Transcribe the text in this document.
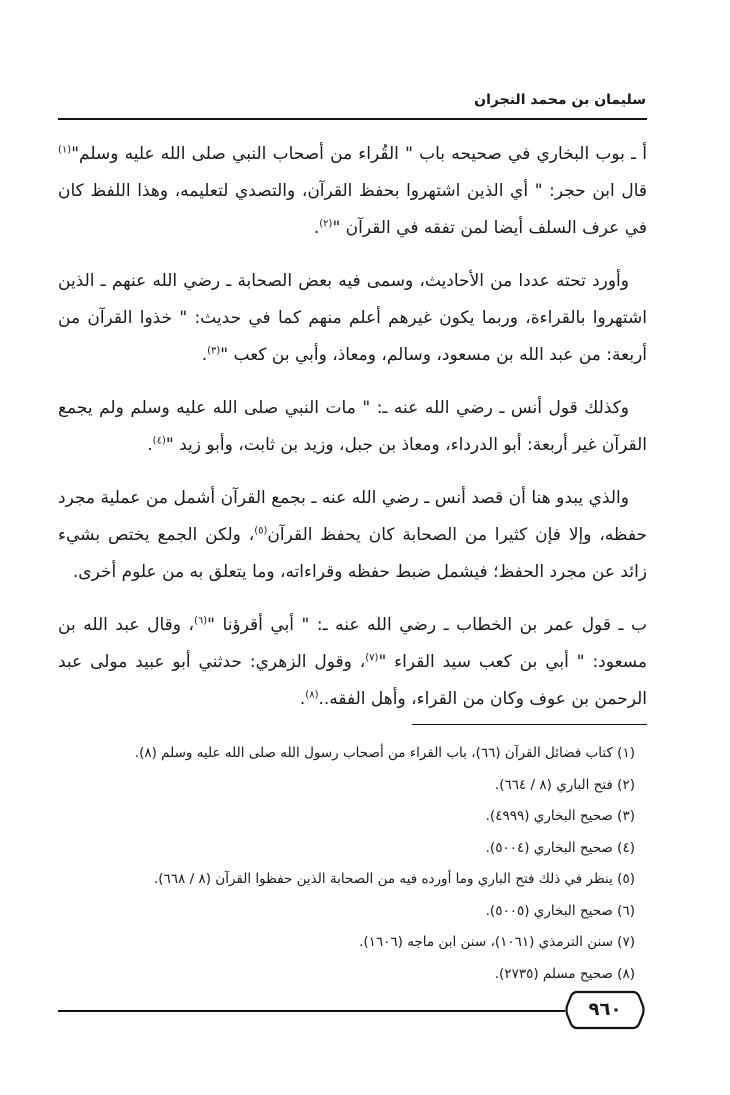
سليمان بن محمد النجران

أ ـ بوب البخاري في صحيحه باب " القُراء من أصحاب النبي صلى الله عليه وسلم"$^{(١)}$ قال ابن حجر: " أي الذين اشتهروا بحفظ القرآن، والتصدي لتعليمه، وهذا اللفظ كان في عرف السلف أيضا لمن تفقه في القرآن "$^{(٢)}$.

وأورد تحته عددا من الأحاديث، وسمى فيه بعض الصحابة ـ رضي الله عنهم ـ الذين اشتهروا بالقراءة، وربما يكون غيرهم أعلم منهم كما في حديث: " خذوا القرآن من أربعة: من عبد الله بن مسعود، وسالم، ومعاذ، وأبي بن كعب "$^{(٣)}$.

وكذلك قول أنس ـ رضي الله عنه ـ: " مات النبي صلى الله عليه وسلم ولم يجمع القرآن غير أربعة: أبو الدرداء، ومعاذ بن جبل، وزيد بن ثابت، وأبو زيد "$^{(٤)}$.

والذي يبدو هنا أن قصد أنس ـ رضي الله عنه ـ بجمع القرآن أشمل من عملية مجرد حفظه، وإلا فإن كثيرا من الصحابة كان يحفظ القرآن$^{(٥)}$، ولكن الجمع يختص بشيء زائد عن مجرد الحفظ؛ فيشمل ضبط حفظه وقراءاته، وما يتعلق به من علوم أخرى.

ب ـ قول عمر بن الخطاب ـ رضي الله عنه ـ: " أبي أقرؤنا "$^{(٦)}$، وقال عبد الله بن مسعود: " أبي بن كعب سيد القراء "$^{(٧)}$، وقول الزهري: حدثني أبو عبيد مولى عبد الرحمن بن عوف وكان من القراء، وأهل الفقه..$^{(٨)}$.

(١) كتاب فضائل القرآن (٦٦)، باب القراء من أصحاب رسول الله صلى الله عليه وسلم (٨).
(٢) فتح الباري (٨ / ٦٦٤).
(٣) صحيح البخاري (٤٩٩٩).
(٤) صحيح البخاري (٥٠٠٤).
(٥) ينظر في ذلك فتح الباري وما أورده فيه من الصحابة الذين حفظوا القرآن (٨ / ٦٦٨).
(٦) صحيح البخاري (٥٠٠٥).
(٧) سنن الترمذي (١٠٦١)، سنن ابن ماجه (١٦٠٦).
(٨) صحيح مسلم (٢٧٣٥).
٩٦٠
